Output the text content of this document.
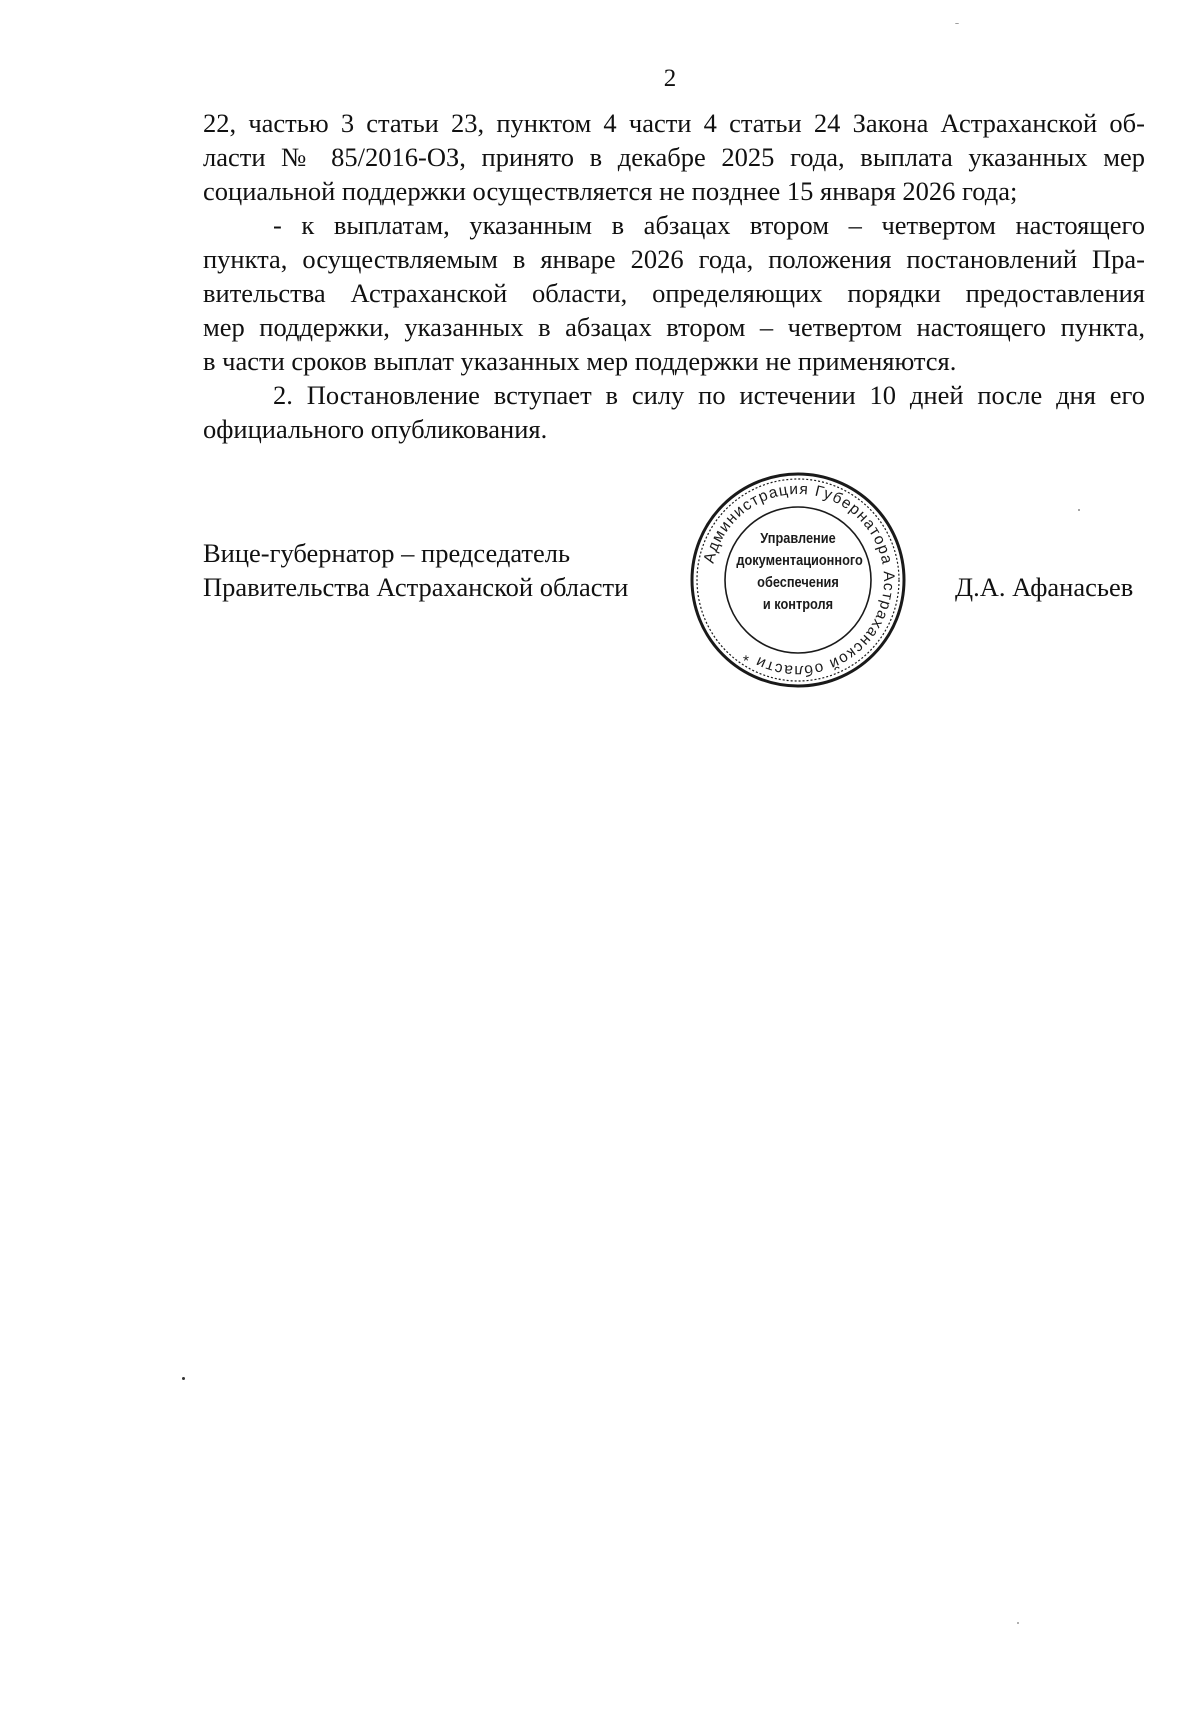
2

22, частью 3 статьи 23, пунктом 4 части 4 статьи 24 Закона Астраханской об-
ласти № 85/2016-ОЗ, принято в декабре 2025 года, выплата указанных мер
социальной поддержки осуществляется не позднее 15 января 2026 года;

- к выплатам, указанным в абзацах втором – четвертом настоящего
пункта, осуществляемым в январе 2026 года, положения постановлений Пра-
вительства Астраханской области, определяющих порядки предоставления
мер поддержки, указанных в абзацах втором – четвертом настоящего пункта,
в части сроков выплат указанных мер поддержки не применяются.

2. Постановление вступает в силу по истечении 10 дней после дня его
официального опубликования.

Вице-губернатор – председатель
Правительства Астраханской области	Д.А. Афанасьев
Администрация Губернатора Астраханской области *
Управление
документационного
обеспечения
и контроля
